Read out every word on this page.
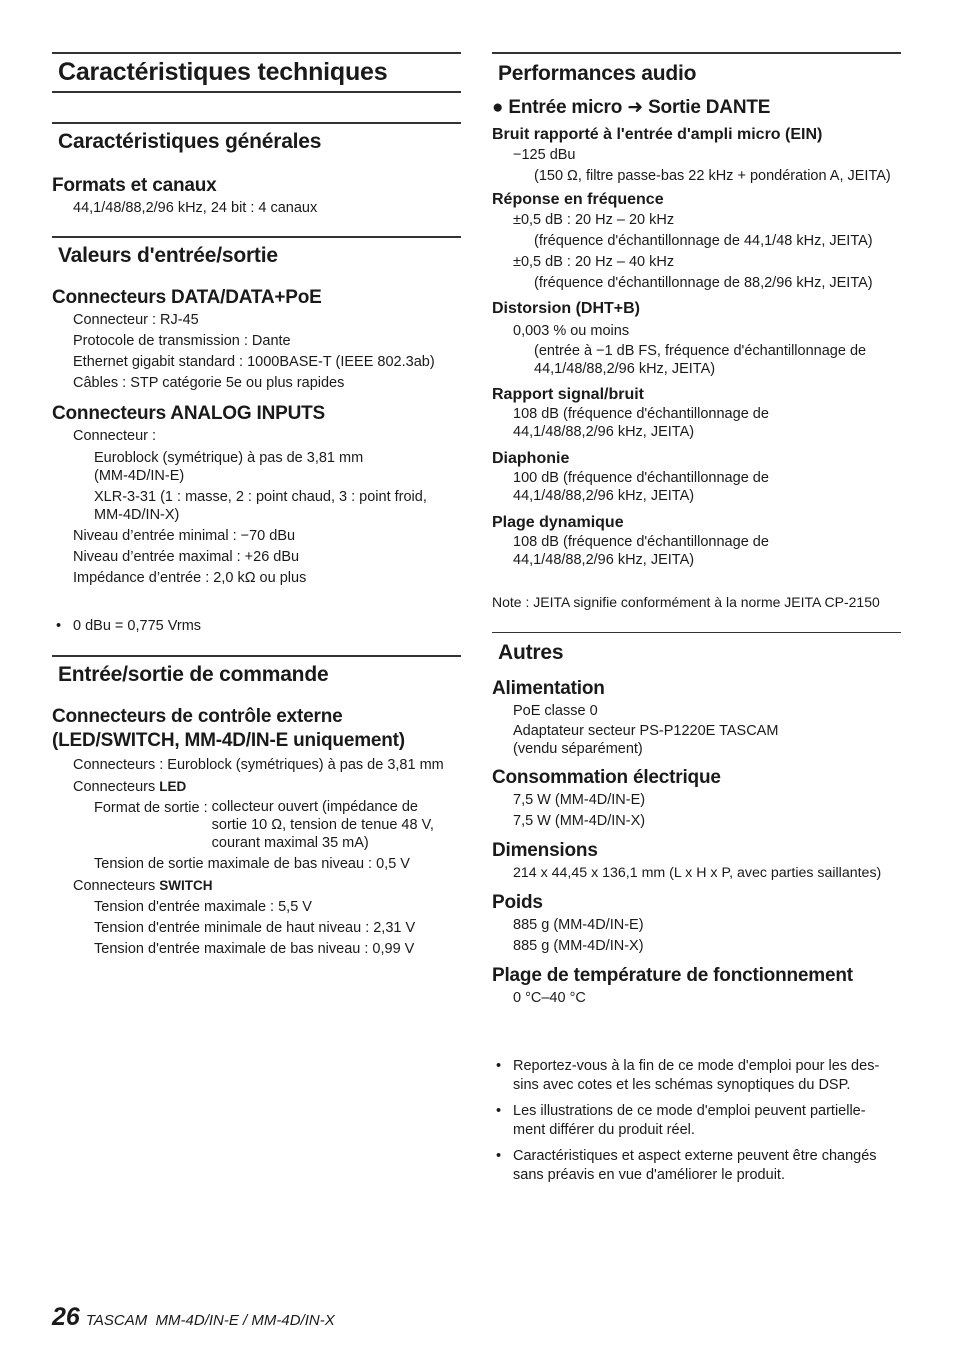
Caractéristiques techniques
Caractéristiques générales
Formats et canaux
44,1/48/88,2/96 kHz, 24 bit : 4 canaux
Valeurs d'entrée/sortie
Connecteurs DATA/DATA+PoE
Connecteur : RJ-45
Protocole de transmission : Dante
Ethernet gigabit standard : 1000BASE-T (IEEE 802.3ab)
Câbles : STP catégorie 5e ou plus rapides
Connecteurs ANALOG INPUTS
Connecteur :
Euroblock (symétrique) à pas de 3,81 mm
(MM-4D/IN-E)
XLR-3-31 (1 : masse, 2 : point chaud, 3 : point froid,
MM-4D/IN-X)
Niveau d’entrée minimal : −70 dBu
Niveau d’entrée maximal : +26 dBu
Impédance d’entrée : 2,0 kΩ ou plus
• 0 dBu = 0,775 Vrms
Entrée/sortie de commande
Connecteurs de contrôle externe
(LED/SWITCH, MM-4D/IN-E uniquement)
Connecteurs : Euroblock (symétriques) à pas de 3,81 mm
Connecteurs LED
Format de sortie : collecteur ouvert (impédance de
sortie 10 Ω, tension de tenue 48 V,
courant maximal 35 mA)
Tension de sortie maximale de bas niveau : 0,5 V
Connecteurs SWITCH
Tension d'entrée maximale : 5,5 V
Tension d'entrée minimale de haut niveau : 2,31 V
Tension d'entrée maximale de bas niveau : 0,99 V
Performances audio
● Entrée micro ➜ Sortie DANTE
Bruit rapporté à l'entrée d'ampli micro (EIN)
−125 dBu
(150 Ω, filtre passe-bas 22 kHz + pondération A, JEITA)
Réponse en fréquence
±0,5 dB : 20 Hz – 20 kHz
(fréquence d'échantillonnage de 44,1/48 kHz, JEITA)
±0,5 dB : 20 Hz – 40 kHz
(fréquence d'échantillonnage de 88,2/96 kHz, JEITA)
Distorsion (DHT+B)
0,003 % ou moins
(entrée à −1 dB FS, fréquence d'échantillonnage de
44,1/48/88,2/96 kHz, JEITA)
Rapport signal/bruit
108 dB (fréquence d'échantillonnage de
44,1/48/88,2/96 kHz, JEITA)
Diaphonie
100 dB (fréquence d'échantillonnage de
44,1/48/88,2/96 kHz, JEITA)
Plage dynamique
108 dB (fréquence d'échantillonnage de
44,1/48/88,2/96 kHz, JEITA)
Note : JEITA signifie conformément à la norme JEITA CP-2150
Autres
Alimentation
PoE classe 0
Adaptateur secteur PS-P1220E TASCAM
(vendu séparément)
Consommation électrique
7,5 W (MM-4D/IN-E)
7,5 W (MM-4D/IN-X)
Dimensions
214 x 44,45 x 136,1 mm (L x H x P, avec parties saillantes)
Poids
885 g (MM-4D/IN-E)
885 g (MM-4D/IN-X)
Plage de température de fonctionnement
0 °C–40 °C
• Reportez-vous à la fin de ce mode d'emploi pour les des-
sins avec cotes et les schémas synoptiques du DSP.
• Les illustrations de ce mode d'emploi peuvent partielle-
ment différer du produit réel.
• Caractéristiques et aspect externe peuvent être changés
sans préavis en vue d'améliorer le produit.
26 TASCAM  MM-4D/IN-E / MM-4D/IN-X
